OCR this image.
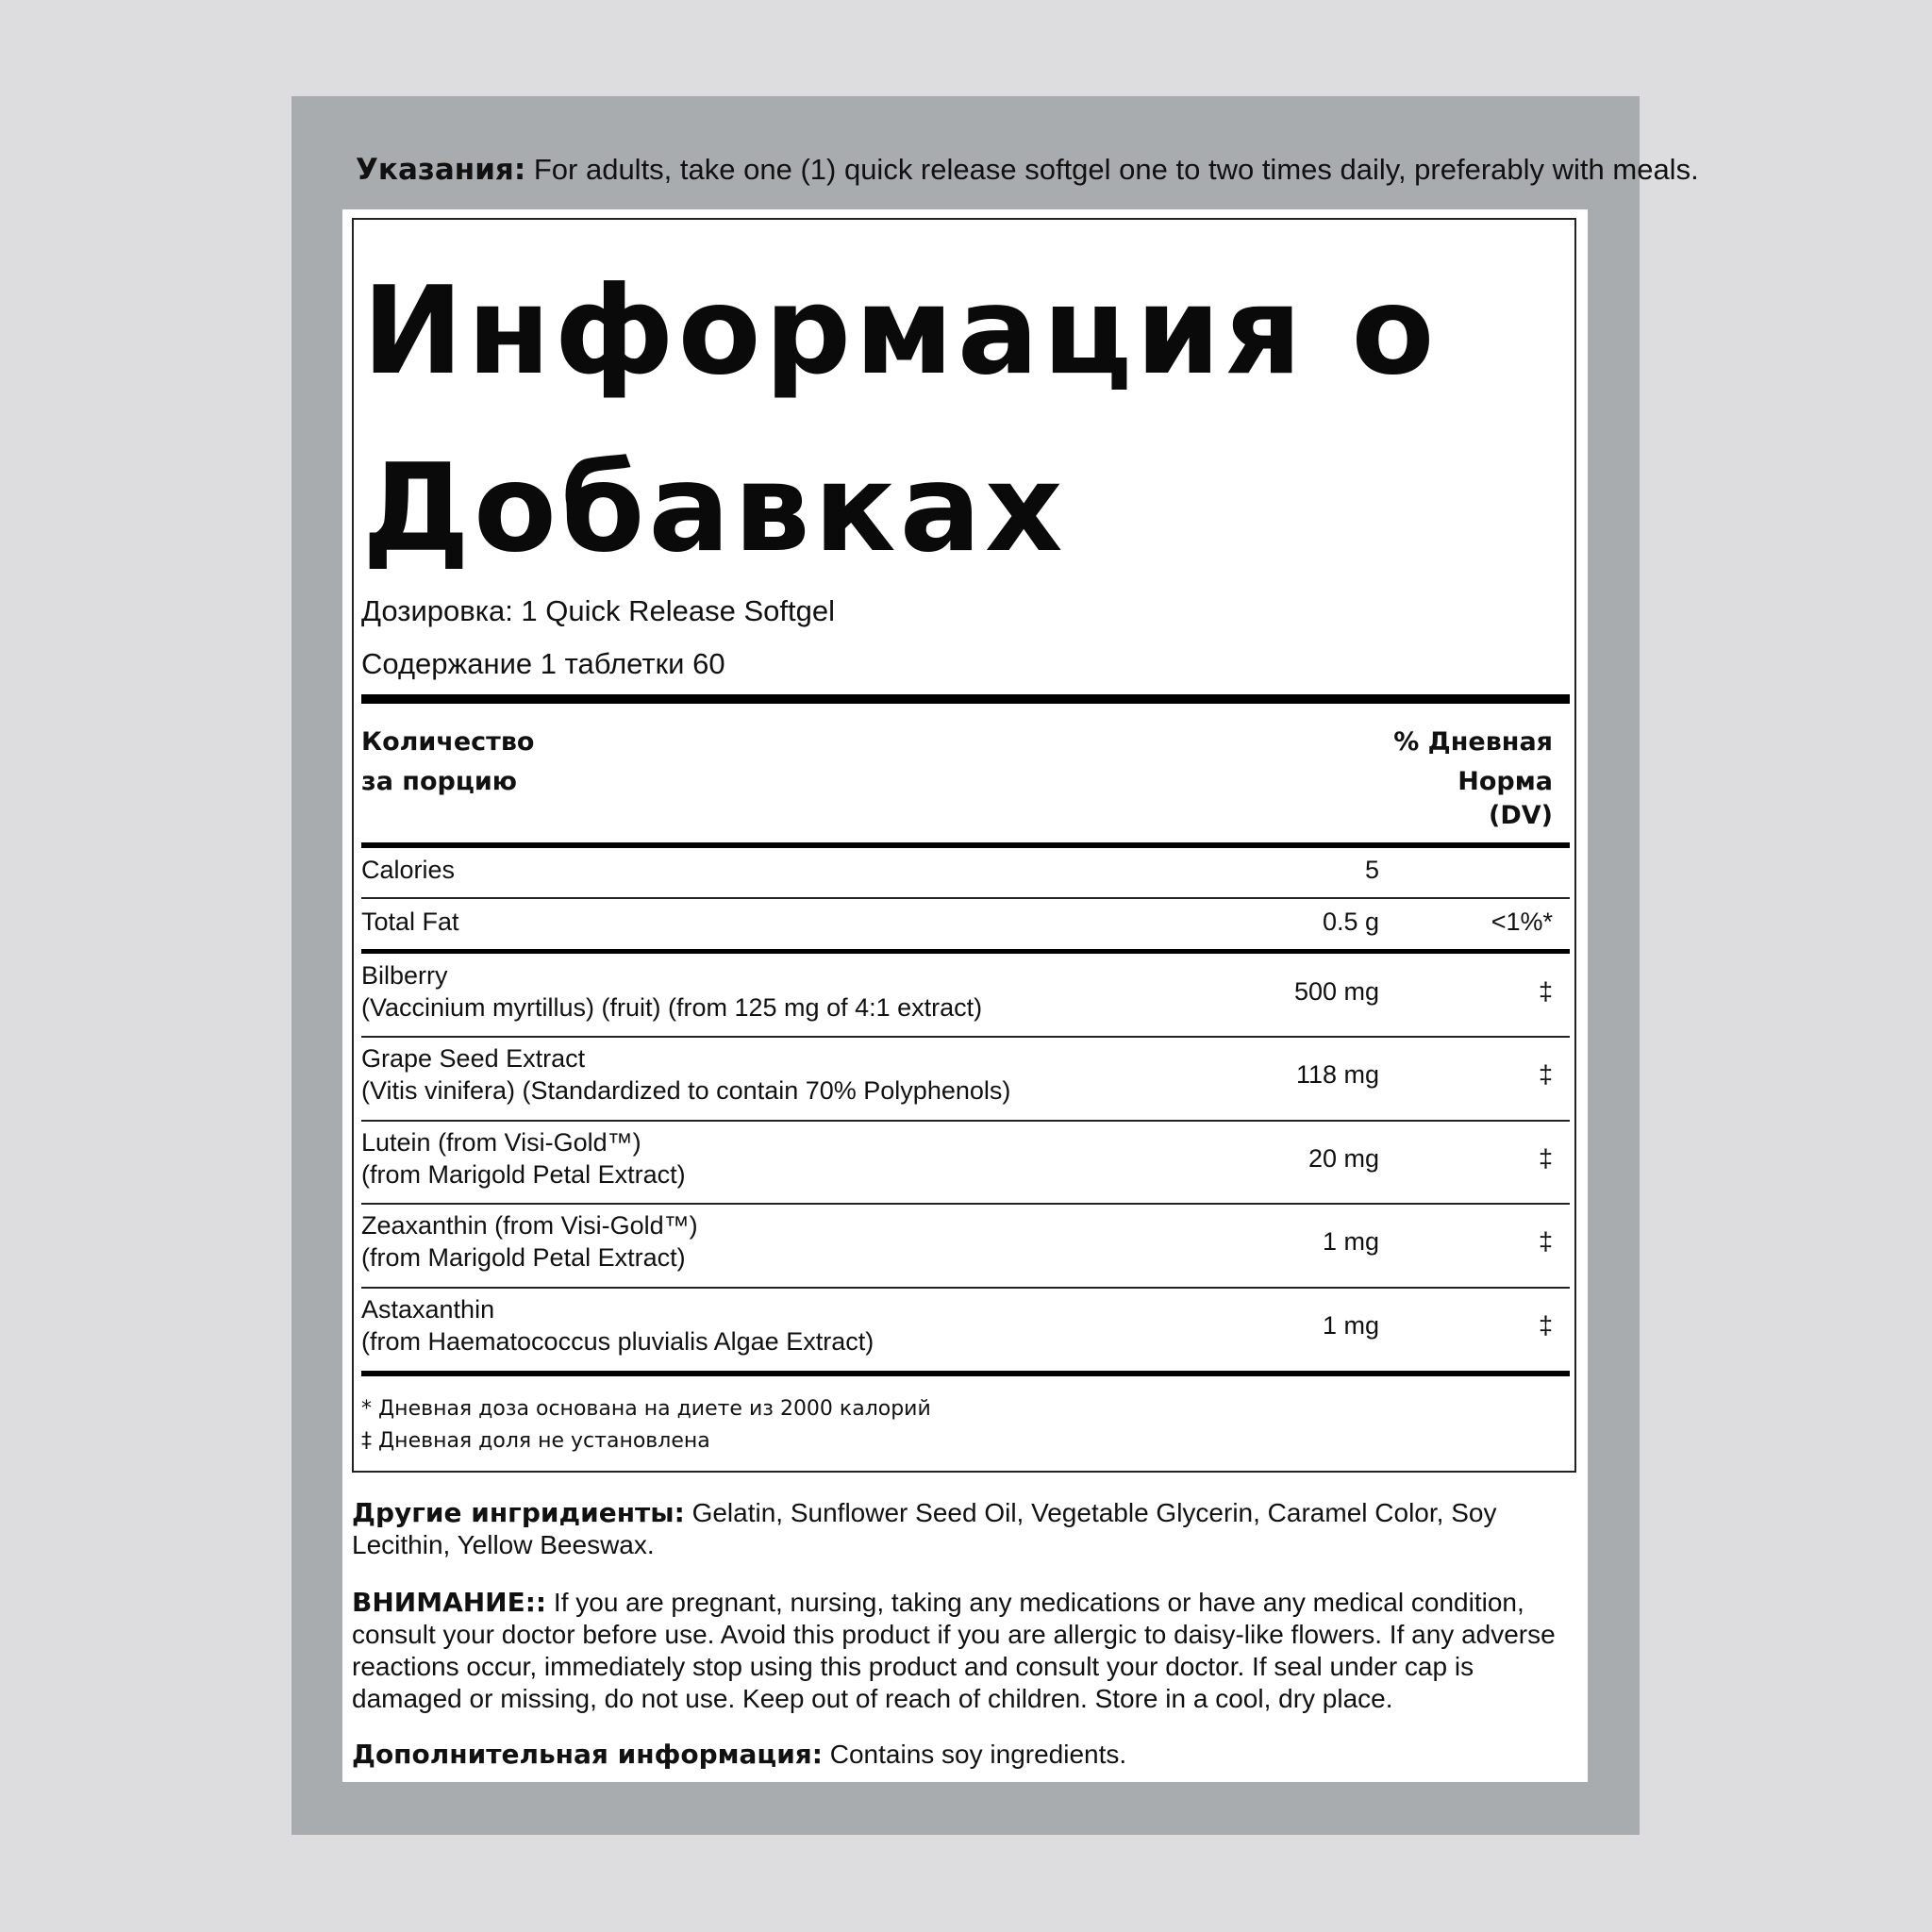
Указания: For adults, take one (1) quick release softgel one to two times daily, preferably with meals.
Информация о
Добавках
Дозировка: 1 Quick Release Softgel
Содержание 1 таблетки 60
Количество
за порцию
% Дневная
Норма
(DV)
Calories	5
Total Fat	0.5 g	<1%*
Bilberry
(Vaccinium myrtillus) (fruit) (from 125 mg of 4:1 extract)
500 mg	‡
Grape Seed Extract
(Vitis vinifera) (Standardized to contain 70% Polyphenols)
118 mg	‡
Lutein (from Visi-Gold™)
(from Marigold Petal Extract)
20 mg	‡
Zeaxanthin (from Visi-Gold™)
(from Marigold Petal Extract)
1 mg	‡
Astaxanthin
(from Haematococcus pluvialis Algae Extract)
1 mg	‡
* Дневная доза основана на диете из 2000 калорий
‡ Дневная доля не установлена
Другие ингридиенты: Gelatin, Sunflower Seed Oil, Vegetable Glycerin, Caramel Color, Soy Lecithin, Yellow Beeswax.
ВНИМАНИЕ:: If you are pregnant, nursing, taking any medications or have any medical condition, consult your doctor before use. Avoid this product if you are allergic to daisy-like flowers. If any adverse reactions occur, immediately stop using this product and consult your doctor. If seal under cap is damaged or missing, do not use. Keep out of reach of children. Store in a cool, dry place.
Дополнительная информация: Contains soy ingredients.
